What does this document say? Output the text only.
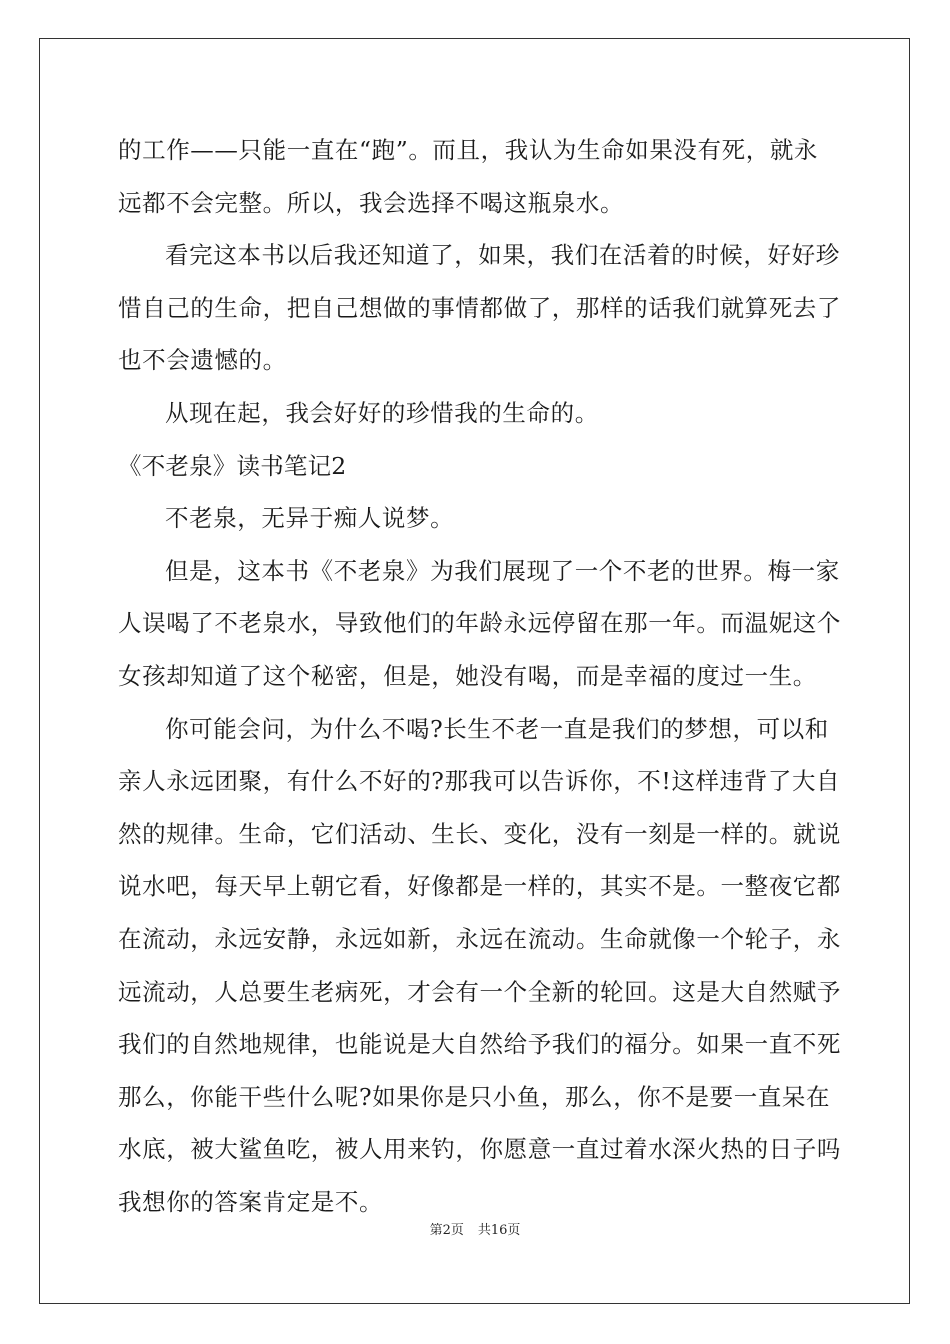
的工作——只能一直在“跑”。而且，我认为生命如果没有死，就永
远都不会完整。所以，我会选择不喝这瓶泉水。
看完这本书以后我还知道了，如果，我们在活着的时候，好好珍
惜自己的生命，把自己想做的事情都做了，那样的话我们就算死去了
也不会遗憾的。
从现在起，我会好好的珍惜我的生命的。
《不老泉》读书笔记2
不老泉，无异于痴人说梦。
但是，这本书《不老泉》为我们展现了一个不老的世界。梅一家
人误喝了不老泉水，导致他们的年龄永远停留在那一年。而温妮这个
女孩却知道了这个秘密，但是，她没有喝，而是幸福的度过一生。
你可能会问，为什么不喝?长生不老一直是我们的梦想，可以和
亲人永远团聚，有什么不好的?那我可以告诉你，不!这样违背了大自
然的规律。生命，它们活动、生长、变化，没有一刻是一样的。就说
说水吧，每天早上朝它看，好像都是一样的，其实不是。一整夜它都
在流动，永远安静，永远如新，永远在流动。生命就像一个轮子，永
远流动，人总要生老病死，才会有一个全新的轮回。这是大自然赋予
我们的自然地规律，也能说是大自然给予我们的福分。如果一直不死
那么，你能干些什么呢?如果你是只小鱼，那么，你不是要一直呆在
水底，被大鲨鱼吃，被人用来钓，你愿意一直过着水深火热的日子吗
我想你的答案肯定是不。
第2页 共16页
